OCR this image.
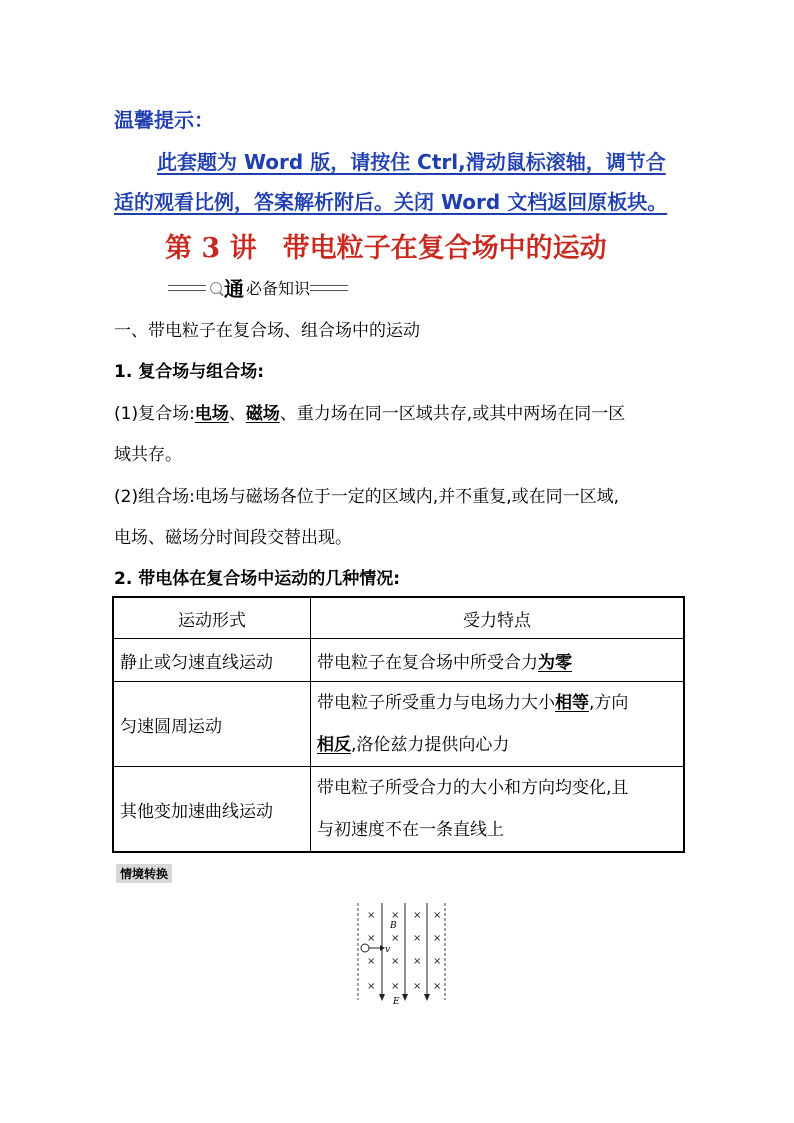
温馨提示：
此套题为 Word 版，请按住 Ctrl,滑动鼠标滚轴，调节合
适的观看比例，答案解析附后。关闭 Word 文档返回原板块。
第 3 讲 带电粒子在复合场中的运动
通 必备知识
一、带电粒子在复合场、组合场中的运动
1. 复合场与组合场:
(1)复合场:电场、磁场、重力场在同一区域共存,或其中两场在同一区
域共存。
(2)组合场:电场与磁场各位于一定的区域内,并不重复,或在同一区域,
电场、磁场分时间段交替出现。
2. 带电体在复合场中运动的几种情况:
运动形式	受力特点
静止或匀速直线运动	带电粒子在复合场中所受合力为零
匀速圆周运动	带电粒子所受重力与电场力大小相等,方向
相反,洛伦兹力提供向心力

其他变加速曲线运动	带电粒子所受合力的大小和方向均变化,且
与初速度不在一条直线上
情境转换
× × × ×
× × × ×
× × × ×
× × × ×
v
B
E
